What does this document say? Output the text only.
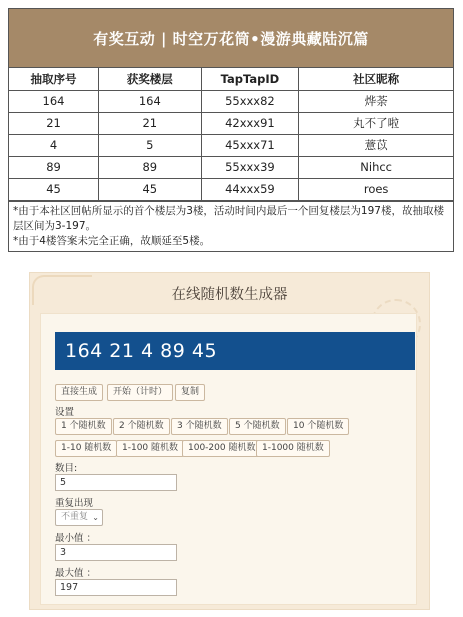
有奖互动 | 时空万花筒•漫游典藏陆沉篇
抽取序号	获奖楼层	TapTapID	社区昵称
164	164	55xxx82	烨荼
21	21	42xxx91	丸不了啦
4	5	45xxx71	薏苡
89	89	55xxx39	Nihcc
45	45	44xxx59	roes
*由于本社区回帖所显示的首个楼层为3楼，活动时间内最后一个回复楼层为197楼，故抽取楼层区间为3-197。
*由于4楼答案未完全正确，故顺延至5楼。
在线随机数生成器
164 21 4 89 45
直接生成	开始（计时）	复制
设置
1 个随机数	2 个随机数	3 个随机数	5 个随机数	10 个随机数
1-10 随机数	1-100 随机数	100-200 随机数 1-1000 随机数
数目:
5
重复出现
不重复 ⌄
最小值 ：
3
最大值 ：
197
